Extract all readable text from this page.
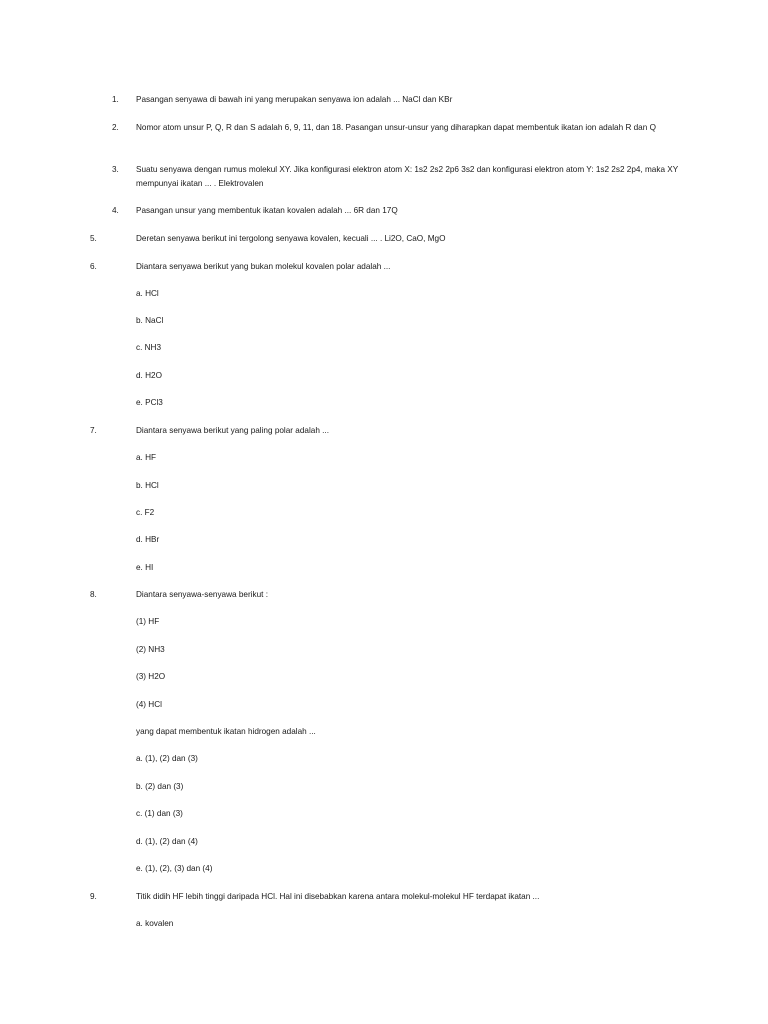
1. Pasangan senyawa di bawah ini yang merupakan senyawa ion adalah ... NaCl dan KBr
2. Nomor atom unsur P, Q, R dan S adalah 6, 9, 11, dan 18. Pasangan unsur-unsur yang diharapkan dapat membentuk ikatan ion adalah R dan Q
3. Suatu senyawa dengan rumus molekul XY. Jika konfigurasi elektron atom X: 1s2 2s2 2p6 3s2 dan konfigurasi elektron atom Y: 1s2 2s2 2p4, maka XY mempunyai ikatan ... . Elektrovalen
4. Pasangan unsur yang membentuk ikatan kovalen adalah ... 6R dan 17Q
5.	Deretan senyawa berikut ini tergolong senyawa kovalen, kecuali ... . Li2O, CaO, MgO
6.	Diantara senyawa berikut yang bukan molekul kovalen polar adalah ...
a. HCl
b. NaCl
c. NH3
d. H2O
e. PCl3
7.	Diantara senyawa berikut yang paling polar adalah ...
a. HF
b. HCl
c. F2
d. HBr
e. HI
8.	Diantara senyawa-senyawa berikut :
(1) HF
(2) NH3
(3) H2O
(4) HCl
yang dapat membentuk ikatan hidrogen adalah ...
a. (1), (2) dan (3)
b. (2) dan (3)
c. (1) dan (3)
d. (1), (2) dan (4)
e. (1), (2), (3) dan (4)
9.	Titik didih HF lebih tinggi daripada HCl. Hal ini disebabkan karena antara molekul-molekul HF terdapat ikatan ...
a. kovalen
